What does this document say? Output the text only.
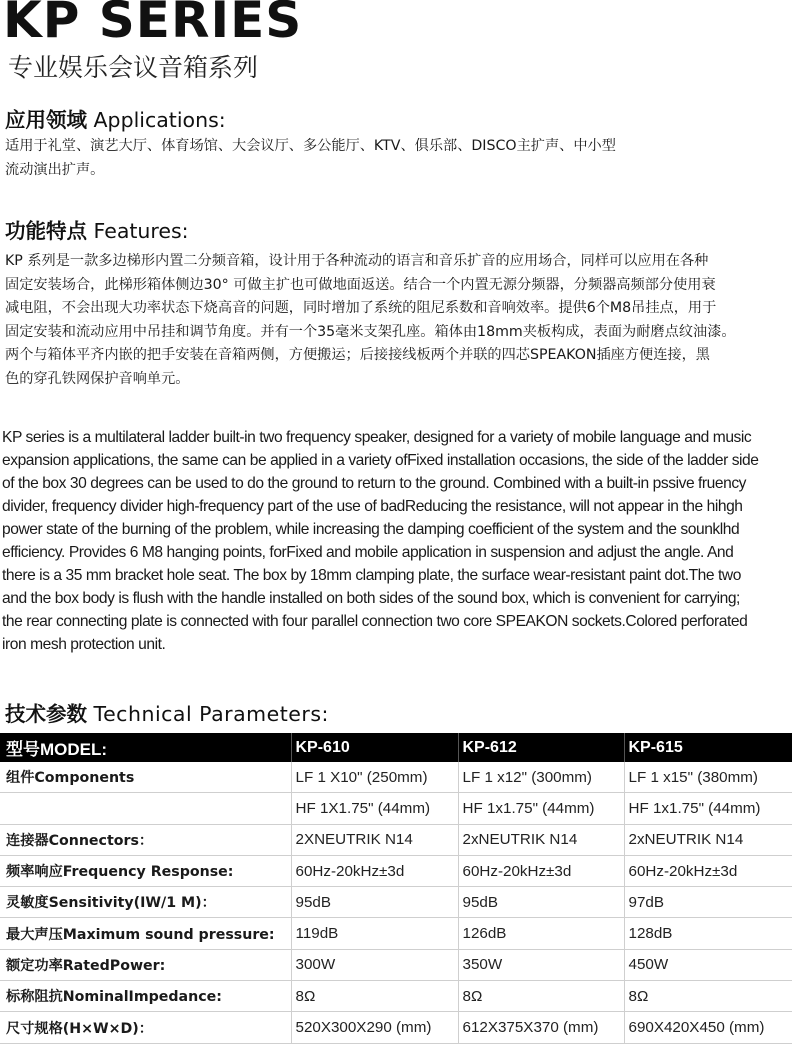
KP SERIES
专业娱乐会议音箱系列
应用领域 Applications:
适用于礼堂、演艺大厅、体育场馆、大会议厅、多公能厅、KTV、俱乐部、DISCO主扩声、中小型
流动演出扩声。
功能特点 Features:
KP 系列是一款多边梯形内置二分频音箱，设计用于各种流动的语言和音乐扩音的应用场合，同样可以应用在各种
固定安装场合，此梯形箱体侧边30° 可做主扩也可做地面返送。结合一个内置无源分频器，分频器高频部分使用衰
减电阻，不会出现大功率状态下烧高音的问题，同时增加了系统的阻尼系数和音响效率。提供6个M8吊挂点，用于
固定安装和流动应用中吊挂和调节角度。并有一个35毫米支架孔座。箱体由18mm夹板构成，表面为耐磨点纹油漆。
两个与箱体平齐内嵌的把手安装在音箱两侧，方便搬运；后接接线板两个并联的四芯SPEAKON插座方便连接，黑
色的穿孔铁网保护音响单元。
KP series is a multilateral ladder built-in two frequency speaker, designed for a variety of mobile language and music
expansion applications, the same can be applied in a variety ofFixed installation occasions, the side of the ladder side
of the box 30 degrees can be used to do the ground to return to the ground. Combined with a built-in pssive fruency
divider, frequency divider high-frequency part of the use of badReducing the resistance, will not appear in the hihgh
power state of the burning of the problem, while increasing the damping coefficient of the system and the sounklhd
efficiency. Provides 6 M8 hanging points, forFixed and mobile application in suspension and adjust the angle. And
there is a 35 mm bracket hole seat. The box by 18mm clamping plate, the surface wear-resistant paint dot.The two
and the box body is flush with the handle installed on both sides of the sound box, which is convenient for carrying;
the rear connecting plate is connected with four parallel connection two core SPEAKON sockets.Colored perforated
iron mesh protection unit.
技术参数 Technical Parameters:
型号MODEL:	KP-610	KP-612	KP-615
组件Components	LF 1 X10" (250mm)	LF 1 x12" (300mm)	LF 1 x15" (380mm)
	HF 1X1.75" (44mm)	HF 1x1.75" (44mm)	HF 1x1.75" (44mm)
连接器Connectors：	2XNEUTRIK N14	2xNEUTRIK N14	2xNEUTRIK N14
频率响应Frequency Response:	60Hz-20kHz±3d	60Hz-20kHz±3d	60Hz-20kHz±3d
灵敏度Sensitivity(IW/1 M)：	95dB	95dB	97dB
最大声压Maximum sound pressure:	119dB	126dB	128dB
额定功率RatedPower:	300W	350W	450W
标称阻抗NominalImpedance:	8Ω	8Ω	8Ω
尺寸规格(H×W×D)：	520X300X290 (mm)	612X375X370 (mm)	690X420X450 (mm)
